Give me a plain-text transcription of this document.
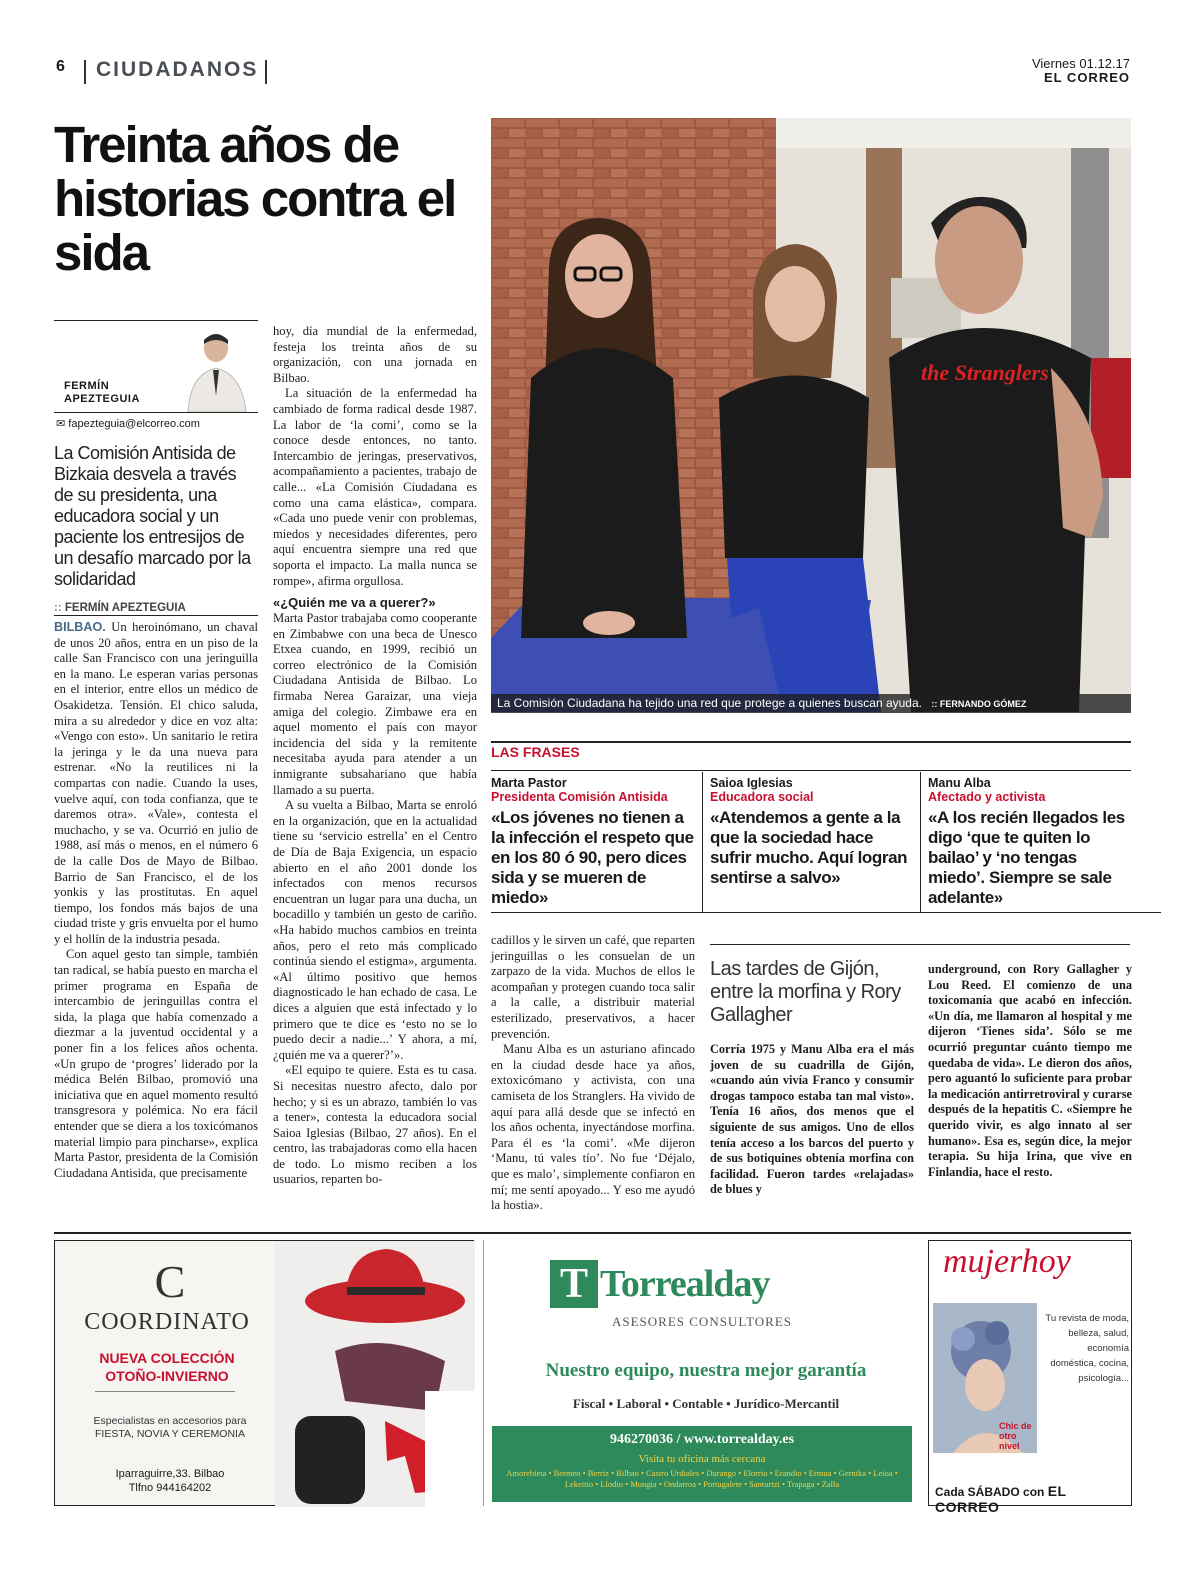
6 CIUDADANOS	Viernes 01.12.17
EL CORREO
Treinta años de historias contra el sida
FERMÍN APEZTEGUIA
✉ fapezteguia@elcorreo.com
La Comisión Antisida de Bizkaia desvela a través de su presidenta, una educadora social y un paciente los entresijos de un desafío marcado por la solidaridad
:: FERMÍN APEZTEGUIA

BILBAO. Un heroinómano, un chaval de unos 20 años, entra en un piso de la calle San Francisco con una jeringuilla en la mano. Le esperan varias personas en el interior, entre ellos un médico de Osakidetza. Tensión. El chico saluda, mira a su alrededor y dice en voz alta: «Vengo con esto». Un sanitario le retira la jeringa y le da una nueva para estrenar. «No la reutilices ni la compartas con nadie. Cuando la uses, vuelve aquí, con toda confianza, que te daremos otra». «Vale», contesta el muchacho, y se va. Ocurrió en julio de 1988, así más o menos, en el número 6 de la calle Dos de Mayo de Bilbao. Barrio de San Francisco, el de los yonkis y las prostitutas. En aquel tiempo, los fondos más bajos de una ciudad triste y gris envuelta por el humo y el hollín de la industria pesada.

Con aquel gesto tan simple, también tan radical, se había puesto en marcha el primer programa en España de intercambio de jeringuillas contra el sida, la plaga que había comenzado a diezmar a la juventud occidental y a poner fin a los felices años ochenta. «Un grupo de ‘progres’ liderado por la médica Belén Bilbao, promovió una iniciativa que en aquel momento resultó transgresora y polémica. No era fácil entender que se diera a los toxicómanos material limpio para pincharse», explica Marta Pastor, presidenta de la Comisión Ciudadana Antisida, que precisamente

hoy, día mundial de la enfermedad, festeja los treinta años de su organización, con una jornada en Bilbao.

La situación de la enfermedad ha cambiado de forma radical desde 1987. La labor de ‘la comi’, como se la conoce desde entonces, no tanto. Intercambio de jeringas, preservativos, acompañamiento a pacientes, trabajo de calle... «La Comisión Ciudadana es como una cama elástica», compara. «Cada uno puede venir con problemas, miedos y necesidades diferentes, pero aquí encuentra siempre una red que soporta el impacto. La malla nunca se rompe», afirma orgullosa.

«¿Quién me va a querer?»

Marta Pastor trabajaba como cooperante en Zimbabwe con una beca de Unesco Etxea cuando, en 1999, recibió un correo electrónico de la Comisión Ciudadana Antisida de Bilbao. Lo firmaba Nerea Garaizar, una vieja amiga del colegio. Zimbawe era en aquel momento el país con mayor incidencia del sida y la remitente necesitaba ayuda para atender a un inmigrante subsahariano que había llamado a su puerta.

A su vuelta a Bilbao, Marta se enroló en la organización, que en la actualidad tiene su ‘servicio estrella’ en el Centro de Día de Baja Exigencia, un espacio abierto en el año 2001 donde los infectados con menos recursos encuentran un lugar para una ducha, un bocadillo y también un gesto de cariño. «Ha habido muchos cambios en treinta años, pero el reto más complicado continúa siendo el estigma», argumenta. «Al último positivo que hemos diagnosticado le han echado de casa. Le dices a alguien que está infectado y lo primero que te dice es ‘esto no se lo puedo decir a nadie...’ Y ahora, a mí, ¿quién me va a querer?’».

«El equipo te quiere. Esta es tu casa. Si necesitas nuestro afecto, dalo por hecho; y si es un abrazo, también lo vas a tener», contesta la educadora social Saioa Iglesias (Bilbao, 27 años). En el centro, las trabajadoras como ella hacen de todo. Lo mismo reciben a los usuarios, reparten bo-

the Stranglers
La Comisión Ciudadana ha tejido una red que protege a quienes buscan ayuda. :: FERNANDO GÓMEZ
LAS FRASES
Marta Pastor
Presidenta Comisión Antisida
«Los jóvenes no tienen a la infección el respeto que en los 80 ó 90, pero dices sida y se mueren de miedo»
Saioa Iglesias
Educadora social
«Atendemos a gente a la que la sociedad hace sufrir mucho. Aquí logran sentirse a salvo»
Manu Alba
Afectado y activista
«A los recién llegados les digo ‘que te quiten lo bailao’ y ‘no tengas miedo’. Siempre se sale adelante»

cadillos y le sirven un café, que reparten jeringuillas o les consuelan de un zarpazo de la vida. Muchos de ellos le acompañan y protegen cuando toca salir a la calle, a distribuir material esterilizado, preservativos, a hacer prevención.

Manu Alba es un asturiano afincado en la ciudad desde hace ya años, extoxicómano y activista, con una camiseta de los Stranglers. Ha vivido de aquí para allá desde que se infectó en los años ochenta, inyectándose morfina. Para él es ‘la comi’. «Me dijeron ‘Manu, tú vales tío’. No fue ‘Déjalo, que es malo’, simplemente confiaron en mí; me sentí apoyado... Y eso me ayudó la hostia».

Las tardes de Gijón, entre la morfina y Rory Gallagher

Corría 1975 y Manu Alba era el más joven de su cuadrilla de Gijón, «cuando aún vivía Franco y consumir drogas tampoco estaba tan mal visto». Tenía 16 años, dos menos que el siguiente de sus amigos. Uno de ellos tenía acceso a los barcos del puerto y de sus botiquines obtenía morfina con facilidad. Fueron tardes «relajadas» de blues y

underground, con Rory Gallagher y Lou Reed. El comienzo de una toxicomanía que acabó en infección. «Un día, me llamaron al hospital y me dijeron ‘Tienes sida’. Sólo se me ocurrió preguntar cuánto tiempo me quedaba de vida». Le dieron dos años, pero aguantó lo suficiente para probar la medicación antirretroviral y curarse después de la hepatitis C. «Siempre he querido vivir, es algo innato al ser humano». Esa es, según dice, la mejor terapia. Su hija Irina, que vive en Finlandia, hace el resto.

C
COORDINATO
NUEVA COLECCIÓN
OTOÑO-INVIERNO
Especialistas en accesorios para FIESTA, NOVIA Y CEREMONIA
Iparraguirre,33. Bilbao
Tlfno 944164202
T Torrealday
ASESORES CONSULTORES
Nuestro equipo, nuestra mejor garantía
Fiscal • Laboral • Contable • Jurídico-Mercantil
946270036 / www.torrealday.es
Visita tu oficina más cercana
Amorebieta • Bermeo • Berriz • Bilbao • Castro Urdiales • Durango • Elorrio • Erandio • Ermua • Gernika • Leioa • Lekeitio • Llodio • Mungia • Ondarroa • Portugalete • Santurtzi • Trapaga • Zalla
mujerhoy
Chic de otro nivel
Tu revista de moda, belleza, salud, economía doméstica, cocina, psicología...
Cada SÁBADO con EL CORREO
